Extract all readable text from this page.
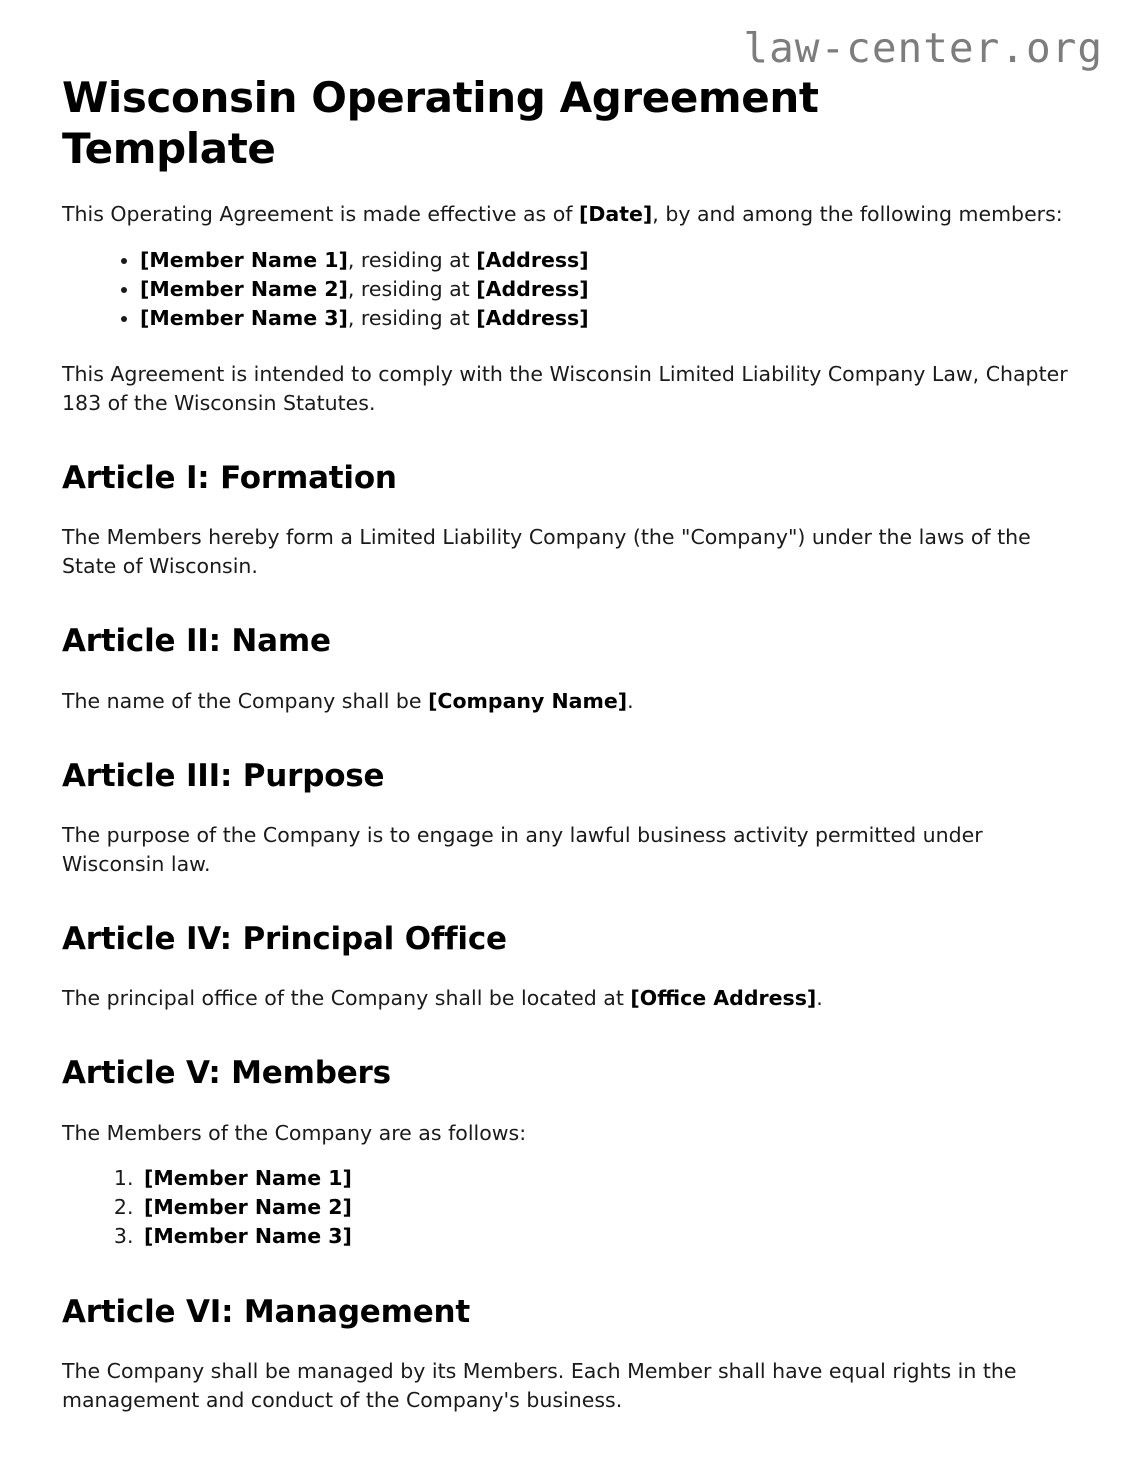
law-center.org
Wisconsin Operating Agreement Template

This Operating Agreement is made effective as of [Date], by and among the following members:

• [Member Name 1], residing at [Address]
• [Member Name 2], residing at [Address]
• [Member Name 3], residing at [Address]

This Agreement is intended to comply with the Wisconsin Limited Liability Company Law, Chapter 183 of the Wisconsin Statutes.

Article I: Formation

The Members hereby form a Limited Liability Company (the "Company") under the laws of the State of Wisconsin.

Article II: Name

The name of the Company shall be [Company Name].

Article III: Purpose

The purpose of the Company is to engage in any lawful business activity permitted under Wisconsin law.

Article IV: Principal Office

The principal office of the Company shall be located at [Office Address].

Article V: Members

The Members of the Company are as follows:

1. [Member Name 1]
2. [Member Name 2]
3. [Member Name 3]
Article VI: Management

The Company shall be managed by its Members. Each Member shall have equal rights in the management and conduct of the Company's business.
